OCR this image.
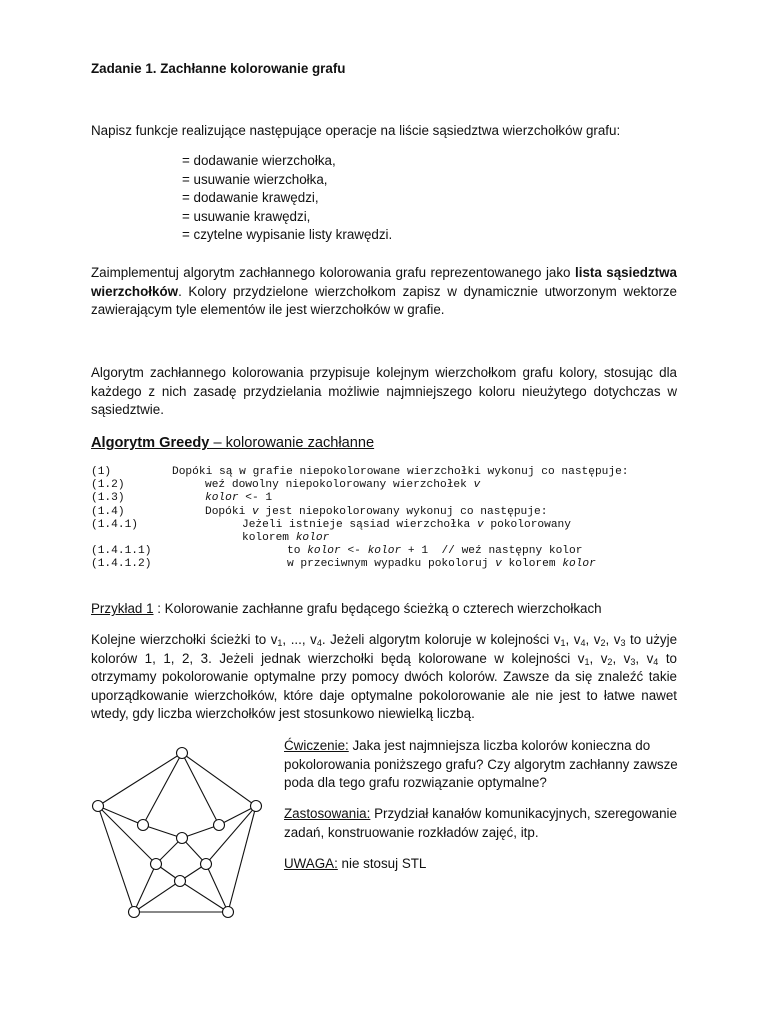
Zadanie 1. Zachłanne kolorowanie grafu
Napisz funkcje realizujące następujące operacje na liście sąsiedztwa wierzchołków grafu:
= dodawanie wierzchołka,
= usuwanie wierzchołka,
= dodawanie krawędzi,
= usuwanie krawędzi,
= czytelne wypisanie listy krawędzi.
Zaimplementuj algorytm zachłannego kolorowania grafu reprezentowanego jako lista sąsiedztwa wierzchołków. Kolory przydzielone wierzchołkom zapisz w dynamicznie utworzonym wektorze zawierającym tyle elementów ile jest wierzchołków w grafie.
Algorytm zachłannego kolorowania przypisuje kolejnym wierzchołkom grafu kolory, stosując dla każdego z nich zasadę przydzielania możliwie najmniejszego koloru nieużytego dotychczas w sąsiedztwie.
Algorytm Greedy – kolorowanie zachłanne
(1)	Dopóki są w grafie niepokolorowane wierzchołki wykonuj co następuje:
(1.2)	weź dowolny niepokolorowany wierzchołek v
(1.3)	kolor <- 1
(1.4)	Dopóki v jest niepokolorowany wykonuj co następuje:
(1.4.1)	Jeżeli istnieje sąsiad wierzchołka v pokolorowany
kolorem kolor
(1.4.1.1)	to kolor <- kolor + 1  // weź następny kolor
(1.4.1.2)	w przeciwnym wypadku pokoloruj v kolorem kolor
Przykład 1 : Kolorowanie zachłanne grafu będącego ścieżką o czterech wierzchołkach
Kolejne wierzchołki ścieżki to $v_1$, ..., $v_4$. Jeżeli algorytm koloruje w kolejności $v_1$, $v_4$, $v_2$, $v_3$ to użyje kolorów 1, 1, 2, 3. Jeżeli jednak wierzchołki będą kolorowane w kolejności $v_1$, $v_2$, $v_3$, $v_4$ to otrzymamy pokolorowanie optymalne przy pomocy dwóch kolorów. Zawsze da się znaleźć takie uporządkowanie wierzchołków, które daje optymalne pokolorowanie ale nie jest to łatwe nawet wtedy, gdy liczba wierzchołków jest stosunkowo niewielką liczbą.
Ćwiczenie: Jaka jest najmniejsza liczba kolorów konieczna do pokolorowania poniższego grafu? Czy algorytm zachłanny zawsze poda dla tego grafu rozwiązanie optymalne?
Zastosowania: Przydział kanałów komunikacyjnych, szeregowanie zadań, konstruowanie rozkładów zajęć, itp.
UWAGA: nie stosuj STL
